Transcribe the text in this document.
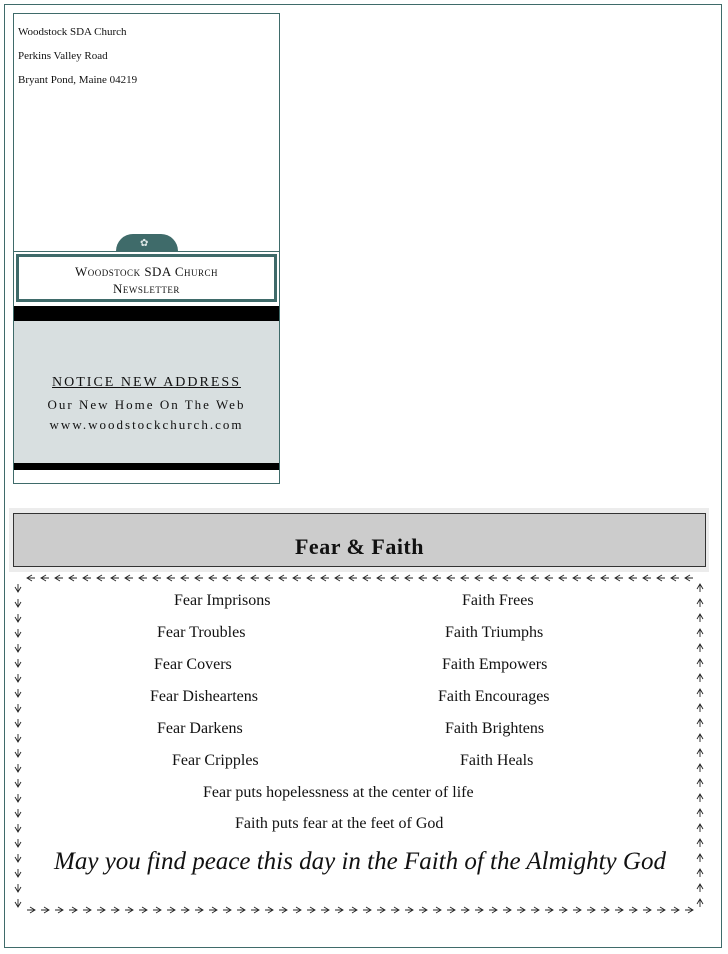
Woodstock SDA Church
Perkins Valley Road
Bryant Pond, Maine 04219
✿
Woodstock SDA Church
Newsletter
NOTICE NEW ADDRESS
Our New Home On The Web
www.woodstockchurch.com
Fear & Faith
Fear Imprisons
Fear Troubles
Fear Covers
Fear Disheartens
Fear Darkens
Fear Cripples
Faith Frees
Faith Triumphs
Faith Empowers
Faith Encourages
Faith Brightens
Faith Heals
Fear puts hopelessness at the center of life
Faith puts fear at the feet of God
May you find peace this day in the Faith of the Almighty God
